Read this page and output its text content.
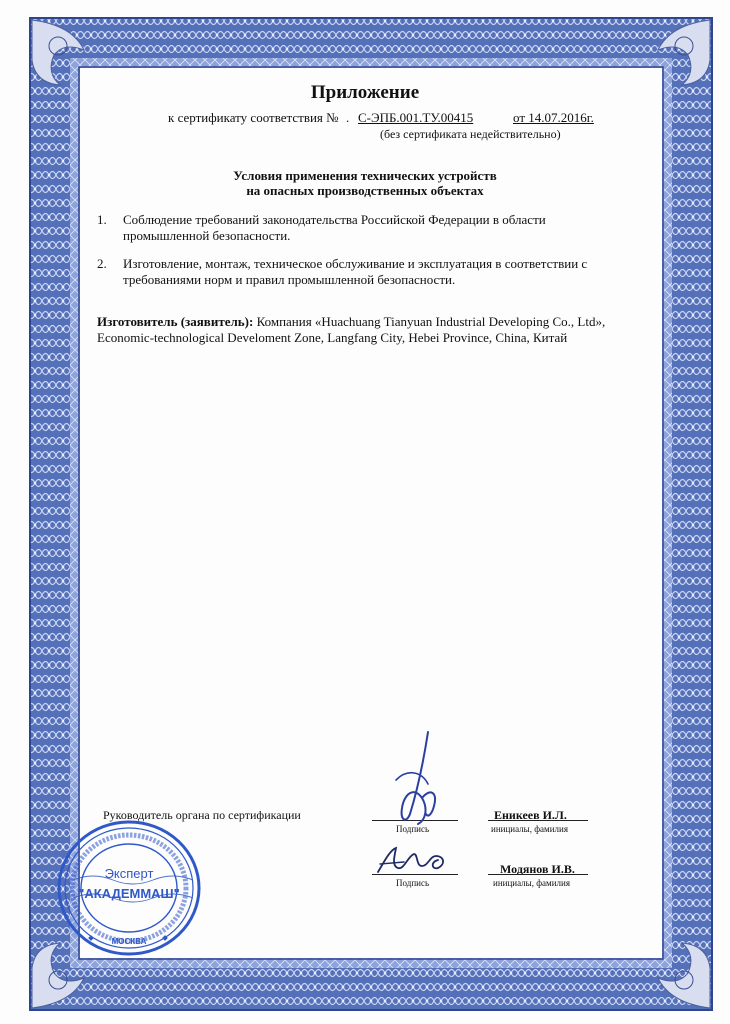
Приложение
к сертификату соответствия № . С-ЭПБ.001.ТУ.00415	от 14.07.2016г.
(без сертификата недействительно)
Условия применения технических устройств
на опасных производственных объектах
1.	Соблюдение требований законодательства Российской Федерации в области промышленной безопасности.
2.	Изготовление, монтаж, техническое обслуживание и эксплуатация в соответствии с требованиями норм и правил промышленной безопасности.
Изготовитель (заявитель): Компания «Huachuang Tianyuan Industrial Developing Co., Ltd»,
Economic-technological Develoment Zone, Langfang City, Hebei Province, China, Китай
Руководитель органа по сертификации
Подпись
Еникеев И.Л.
инициалы, фамилия
Подпись
Модянов И.В.
инициалы, фамилия
Эксперт
"АКАДЕММАШ"
МОСКВА
